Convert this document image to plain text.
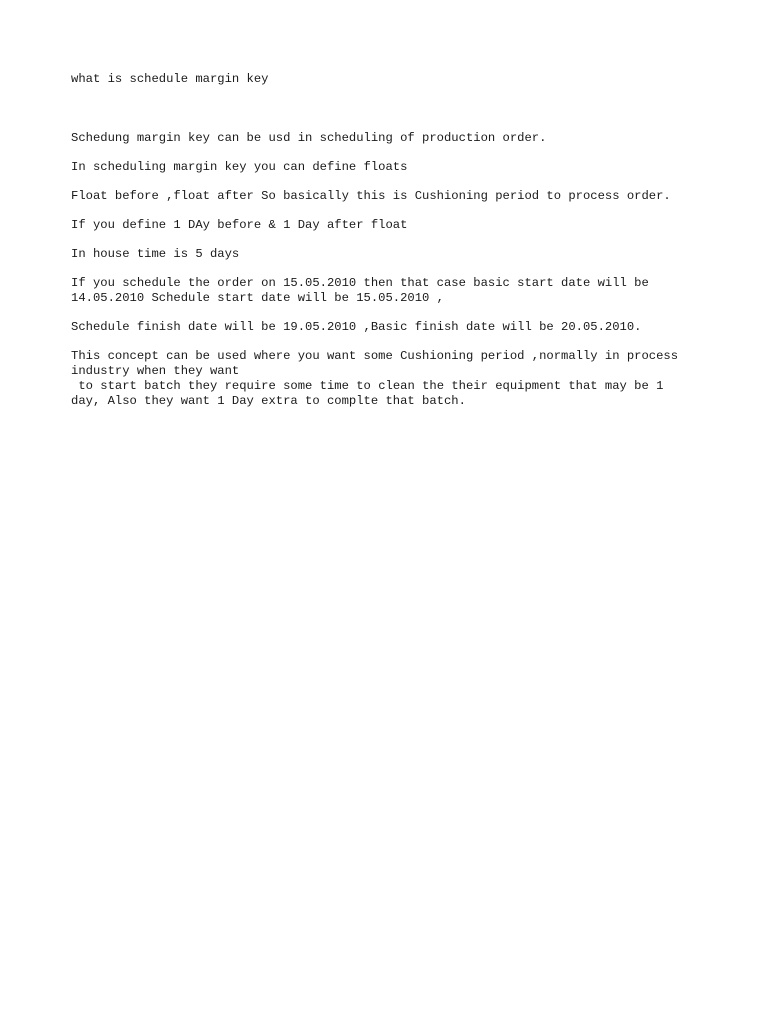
what is schedule margin key

Schedung margin key can be usd in scheduling of production order.

In scheduling margin key you can define floats

Float before ,float after So basically this is Cushioning period to process order.

If you define 1 DAy before & 1 Day after float

In house time is 5 days

If you schedule the order on 15.05.2010 then that case basic start date will be
14.05.2010 Schedule start date will be 15.05.2010 ,

Schedule finish date will be 19.05.2010 ,Basic finish date will be 20.05.2010.

This concept can be used where you want some Cushioning period ,normally in process
industry when they want
to start batch they require some time to clean the their equipment that may be 1
day, Also they want 1 Day extra to complte that batch.
